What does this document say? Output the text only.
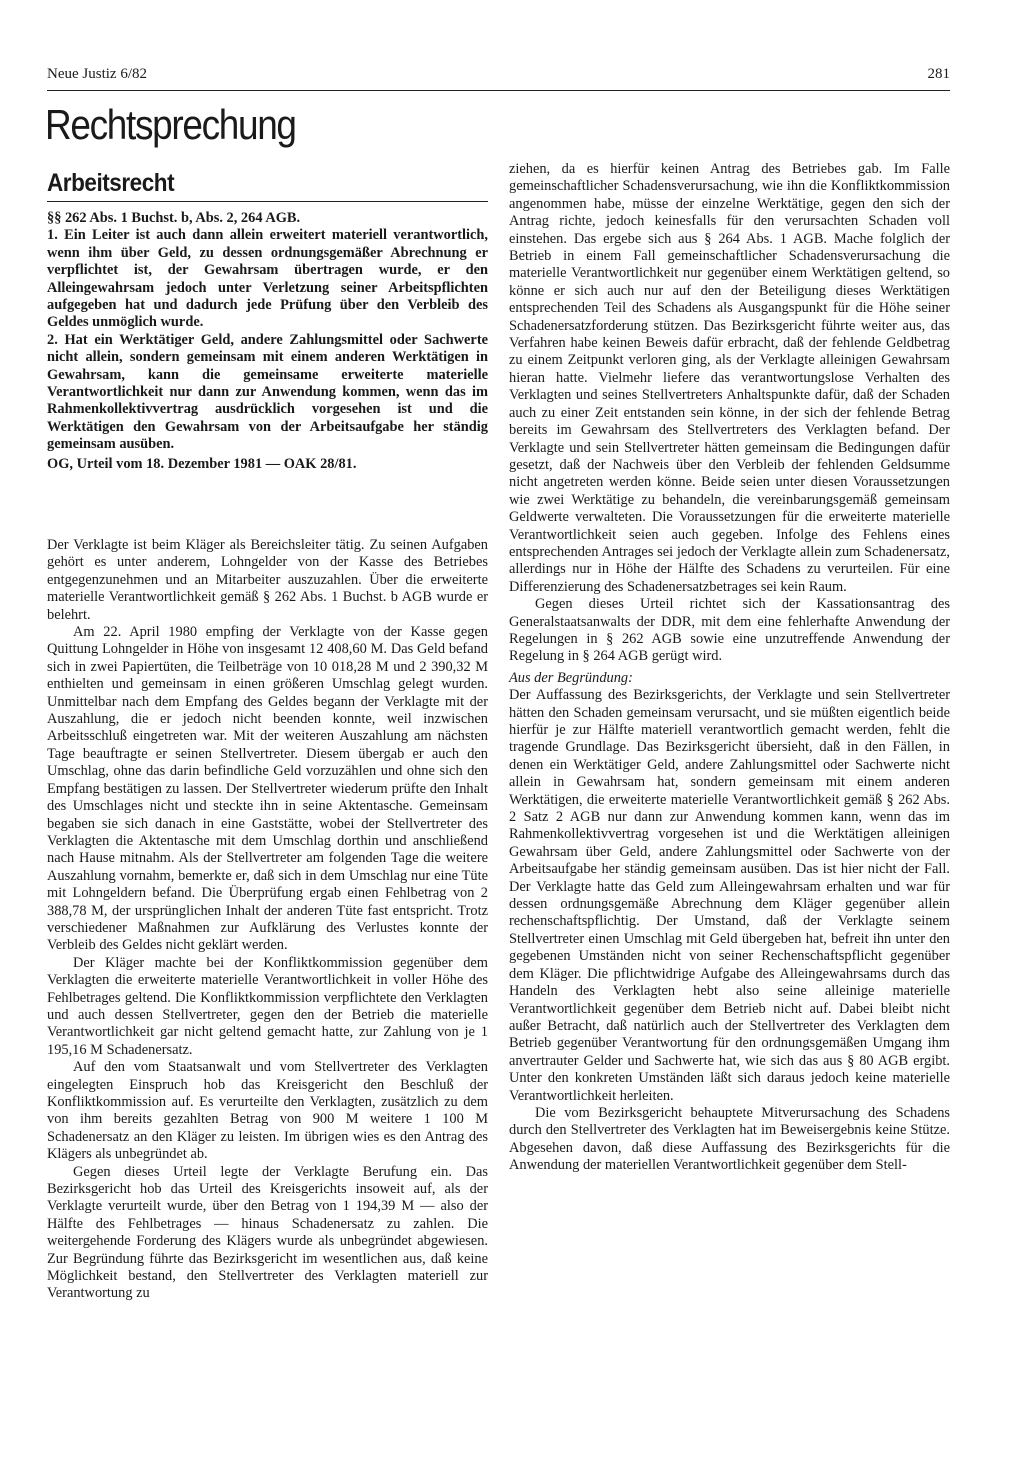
Neue Justiz 6/82	281
Rechtsprechung
Arbeitsrecht

§§ 262 Abs. 1 Buchst. b, Abs. 2, 264 AGB.

1. Ein Leiter ist auch dann allein erweitert materiell verantwortlich, wenn ihm über Geld, zu dessen ordnungsgemäßer Abrechnung er verpflichtet ist, der Gewahrsam übertragen wurde, er den Alleingewahrsam jedoch unter Verletzung seiner Arbeitspflichten aufgegeben hat und dadurch jede Prüfung über den Verbleib des Geldes unmöglich wurde.

2. Hat ein Werktätiger Geld, andere Zahlungsmittel oder Sachwerte nicht allein, sondern gemeinsam mit einem anderen Werktätigen in Gewahrsam, kann die gemeinsame erweiterte materielle Verantwortlichkeit nur dann zur Anwendung kommen, wenn das im Rahmenkollektivvertrag ausdrücklich vorgesehen ist und die Werktätigen den Gewahrsam von der Arbeitsaufgabe her ständig gemeinsam ausüben.

OG, Urteil vom 18. Dezember 1981 — OAK 28/81.

Der Verklagte ist beim Kläger als Bereichsleiter tätig. Zu seinen Aufgaben gehört es unter anderem, Lohngelder von der Kasse des Betriebes entgegenzunehmen und an Mitarbeiter auszuzahlen. Über die erweiterte materielle Verantwortlichkeit gemäß § 262 Abs. 1 Buchst. b AGB wurde er belehrt.

Am 22. April 1980 empfing der Verklagte von der Kasse gegen Quittung Lohngelder in Höhe von insgesamt 12 408,60 M. Das Geld befand sich in zwei Papiertüten, die Teilbeträge von 10 018,28 M und 2 390,32 M enthielten und gemeinsam in einen größeren Umschlag gelegt wurden. Unmittelbar nach dem Empfang des Geldes begann der Verklagte mit der Auszahlung, die er jedoch nicht beenden konnte, weil inzwischen Arbeitsschluß eingetreten war. Mit der weiteren Auszahlung am nächsten Tage beauftragte er seinen Stellvertreter. Diesem übergab er auch den Umschlag, ohne das darin befindliche Geld vorzuzählen und ohne sich den Empfang bestätigen zu lassen. Der Stellvertreter wiederum prüfte den Inhalt des Umschlages nicht und steckte ihn in seine Aktentasche. Gemeinsam begaben sie sich danach in eine Gaststätte, wobei der Stellvertreter des Verklagten die Aktentasche mit dem Umschlag dorthin und anschließend nach Hause mitnahm. Als der Stellvertreter am folgenden Tage die weitere Auszahlung vornahm, bemerkte er, daß sich in dem Umschlag nur eine Tüte mit Lohngeldern befand. Die Überprüfung ergab einen Fehlbetrag von 2 388,78 M, der ursprünglichen Inhalt der anderen Tüte fast entspricht. Trotz verschiedener Maßnahmen zur Aufklärung des Verlustes konnte der Verbleib des Geldes nicht geklärt werden.

Der Kläger machte bei der Konfliktkommission gegenüber dem Verklagten die erweiterte materielle Verantwortlichkeit in voller Höhe des Fehlbetrages geltend. Die Konfliktkommission verpflichtete den Verklagten und auch dessen Stellvertreter, gegen den der Betrieb die materielle Verantwortlichkeit gar nicht geltend gemacht hatte, zur Zahlung von je 1 195,16 M Schadenersatz.

Auf den vom Staatsanwalt und vom Stellvertreter des Verklagten eingelegten Einspruch hob das Kreisgericht den Beschluß der Konfliktkommission auf. Es verurteilte den Verklagten, zusätzlich zu dem von ihm bereits gezahlten Betrag von 900 M weitere 1 100 M Schadenersatz an den Kläger zu leisten. Im übrigen wies es den Antrag des Klägers als unbegründet ab.

Gegen dieses Urteil legte der Verklagte Berufung ein. Das Bezirksgericht hob das Urteil des Kreisgerichts insoweit auf, als der Verklagte verurteilt wurde, über den Betrag von 1 194,39 M — also der Hälfte des Fehlbetrages — hinaus Schadenersatz zu zahlen. Die weitergehende Forderung des Klägers wurde als unbegründet abgewiesen. Zur Begründung führte das Bezirksgericht im wesentlichen aus, daß keine Möglichkeit bestand, den Stellvertreter des Verklagten materiell zur Verantwortung zu

ziehen, da es hierfür keinen Antrag des Betriebes gab. Im Falle gemeinschaftlicher Schadensverursachung, wie ihn die Konfliktkommission angenommen habe, müsse der einzelne Werktätige, gegen den sich der Antrag richte, jedoch keinesfalls für den verursachten Schaden voll einstehen. Das ergebe sich aus § 264 Abs. 1 AGB. Mache folglich der Betrieb in einem Fall gemeinschaftlicher Schadensverursachung die materielle Verantwortlichkeit nur gegenüber einem Werktätigen geltend, so könne er sich auch nur auf den der Beteiligung dieses Werktätigen entsprechenden Teil des Schadens als Ausgangspunkt für die Höhe seiner Schadenersatzforderung stützen. Das Bezirksgericht führte weiter aus, das Verfahren habe keinen Beweis dafür erbracht, daß der fehlende Geldbetrag zu einem Zeitpunkt verloren ging, als der Verklagte alleinigen Gewahrsam hieran hatte. Vielmehr liefere das verantwortungslose Verhalten des Verklagten und seines Stellvertreters Anhaltspunkte dafür, daß der Schaden auch zu einer Zeit entstanden sein könne, in der sich der fehlende Betrag bereits im Gewahrsam des Stellvertreters des Verklagten befand. Der Verklagte und sein Stellvertreter hätten gemeinsam die Bedingungen dafür gesetzt, daß der Nachweis über den Verbleib der fehlenden Geldsumme nicht angetreten werden könne. Beide seien unter diesen Voraussetzungen wie zwei Werktätige zu behandeln, die vereinbarungsgemäß gemeinsam Geldwerte verwalteten. Die Voraussetzungen für die erweiterte materielle Verantwortlichkeit seien auch gegeben. Infolge des Fehlens eines entsprechenden Antrages sei jedoch der Verklagte allein zum Schadenersatz, allerdings nur in Höhe der Hälfte des Schadens zu verurteilen. Für eine Differenzierung des Schadenersatzbetrages sei kein Raum.

Gegen dieses Urteil richtet sich der Kassationsantrag des Generalstaatsanwalts der DDR, mit dem eine fehlerhafte Anwendung der Regelungen in § 262 AGB sowie eine unzutreffende Anwendung der Regelung in § 264 AGB gerügt wird.

Aus der Begründung:

Der Auffassung des Bezirksgerichts, der Verklagte und sein Stellvertreter hätten den Schaden gemeinsam verursacht, und sie müßten eigentlich beide hierfür je zur Hälfte materiell verantwortlich gemacht werden, fehlt die tragende Grundlage. Das Bezirksgericht übersieht, daß in den Fällen, in denen ein Werktätiger Geld, andere Zahlungsmittel oder Sachwerte nicht allein in Gewahrsam hat, sondern gemeinsam mit einem anderen Werktätigen, die erweiterte materielle Verantwortlichkeit gemäß § 262 Abs. 2 Satz 2 AGB nur dann zur Anwendung kommen kann, wenn das im Rahmenkollektivvertrag vorgesehen ist und die Werktätigen alleinigen Gewahrsam über Geld, andere Zahlungsmittel oder Sachwerte von der Arbeitsaufgabe her ständig gemeinsam ausüben. Das ist hier nicht der Fall. Der Verklagte hatte das Geld zum Alleingewahrsam erhalten und war für dessen ordnungsgemäße Abrechnung dem Kläger gegenüber allein rechenschaftspflichtig. Der Umstand, daß der Verklagte seinem Stellvertreter einen Umschlag mit Geld übergeben hat, befreit ihn unter den gegebenen Umständen nicht von seiner Rechenschaftspflicht gegenüber dem Kläger. Die pflichtwidrige Aufgabe des Alleingewahrsams durch das Handeln des Verklagten hebt also seine alleinige materielle Verantwortlichkeit gegenüber dem Betrieb nicht auf. Dabei bleibt nicht außer Betracht, daß natürlich auch der Stellvertreter des Verklagten dem Betrieb gegenüber Verantwortung für den ordnungsgemäßen Umgang ihm anvertrauter Gelder und Sachwerte hat, wie sich das aus § 80 AGB ergibt. Unter den konkreten Umständen läßt sich daraus jedoch keine materielle Verantwortlichkeit herleiten.

Die vom Bezirksgericht behauptete Mitverursachung des Schadens durch den Stellvertreter des Verklagten hat im Beweisergebnis keine Stütze. Abgesehen davon, daß diese Auffassung des Bezirksgerichts für die Anwendung der materiellen Verantwortlichkeit gegenüber dem Stell-
